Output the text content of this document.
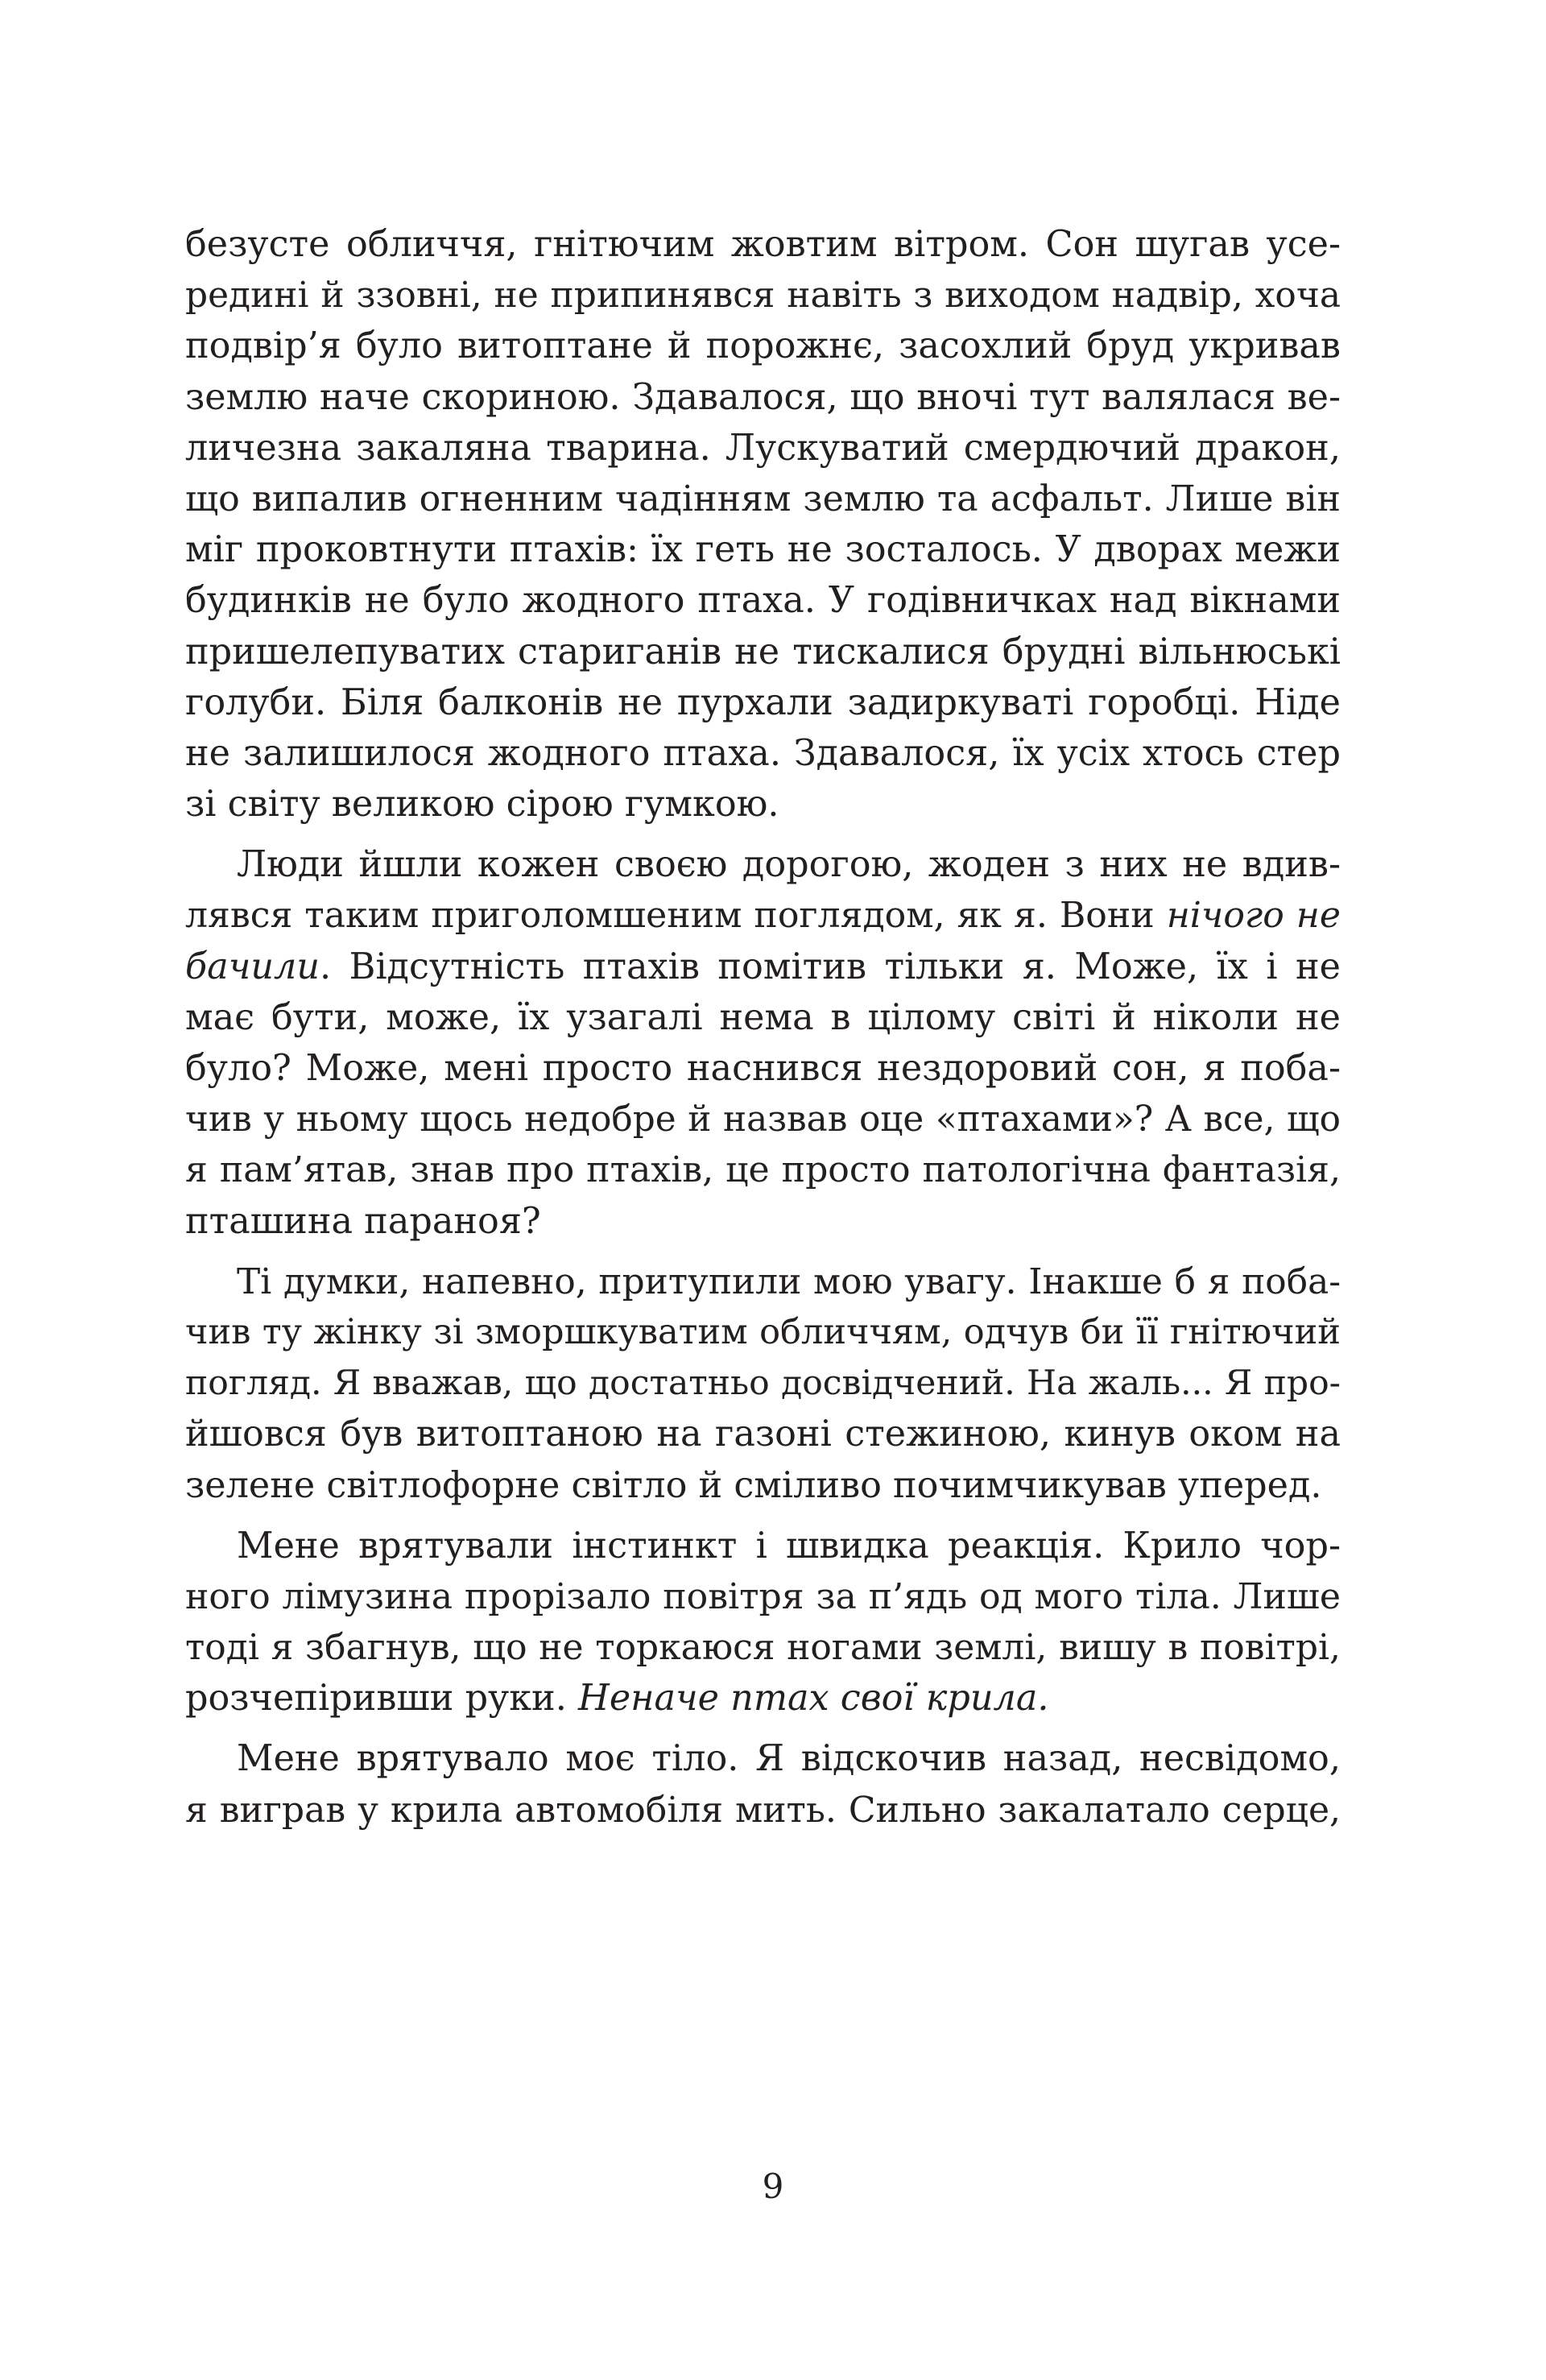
безусте обличчя, гнітючим жовтим вітром. Сон шугав усе-
редині й ззовні, не припинявся навіть з виходом надвір, хоча
подвір’я було витоптане й порожнє, засохлий бруд укривав
землю наче скориною. Здавалося, що вночі тут валялася ве-
личезна закаляна тварина. Лускуватий смердючий дракон,
що випалив огненним чадінням землю та асфальт. Лише він
міг проковтнути птахів: їх геть не зосталось. У дворах межи
будинків не було жодного птаха. У годівничках над вікнами
пришелепуватих стариганів не тискалися брудні вільнюські
голуби. Біля балконів не пурхали задиркуваті горобці. Ніде
не залишилося жодного птаха. Здавалося, їх усіх хтось стер
зі світу великою сірою гумкою.
Люди йшли кожен своєю дорогою, жоден з них не вдив-
лявся таким приголомшеним поглядом, як я. Вони нічого не
бачили. Відсутність птахів помітив тільки я. Може, їх і не
має бути, може, їх узагалі нема в цілому світі й ніколи не
було? Може, мені просто наснився нездоровий сон, я поба-
чив у ньому щось недобре й назвав оце «птахами»? А все, що
я пам’ятав, знав про птахів, це просто патологічна фантазія,
пташина параноя?
Ті думки, напевно, притупили мою увагу. Інакше б я поба-
чив ту жінку зі зморшкуватим обличчям, одчув би її гнітючий
погляд. Я вважав, що достатньо досвідчений. На жаль... Я про-
йшовся був витоптаною на газоні стежиною, кинув оком на
зелене світлофорне світло й сміливо почимчикував уперед.
Мене врятували інстинкт і швидка реакція. Крило чор-
ного лімузина прорізало повітря за п’ядь од мого тіла. Лише
тоді я збагнув, що не торкаюся ногами землі, вишу в повітрі,
розчепіривши руки. Неначе птах свої крила.
Мене врятувало моє тіло. Я відскочив назад, несвідомо,
я виграв у крила автомобіля мить. Сильно закалатало серце,
9
